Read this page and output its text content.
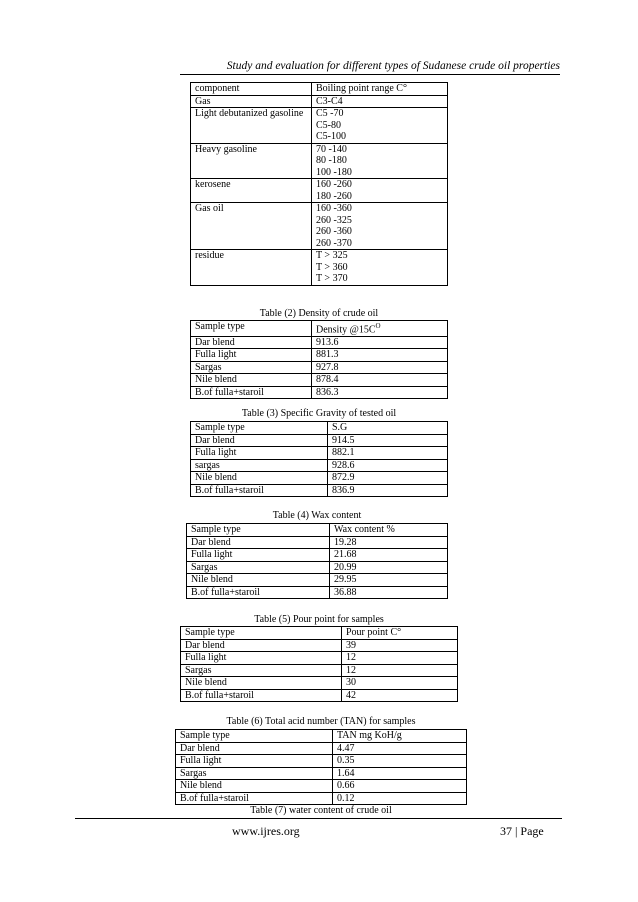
Study and evaluation for different types of Sudanese crude oil properties
component	Boiling point range C°
Gas	C3-C4
Light debutanized gasoline	C5 -70
C5-80
C5-100
Heavy gasoline	70 -140
80 -180
100 -180
kerosene	160 -260
180 -260
Gas oil	160 -360
260 -325
260 -360
260 -370
residue	T > 325
T > 360
T > 370
Table (2) Density of crude oil
Sample type	Density $@15C^O$
Dar blend	913.6
Fulla light	881.3
Sargas	927.8
Nile blend	878.4
B.of fulla+staroil	836.3
Table (3) Specific Gravity of tested oil
Sample type	S.G
Dar blend	914.5
Fulla light	882.1
sargas	928.6
Nile blend	872.9
B.of fulla+staroil	836.9
Table (4) Wax content
Sample type	Wax content %
Dar blend	19.28
Fulla light	21.68
Sargas	20.99
Nile blend	29.95
B.of fulla+staroil	36.88
Table (5) Pour point for samples
Sample type	Pour point C°
Dar blend	39
Fulla light	12
Sargas	12
Nile blend	30
B.of fulla+staroil	42
Table (6) Total acid number (TAN) for samples
Sample type	TAN mg KoH/g
Dar blend	4.47
Fulla light	0.35
Sargas	1.64
Nile blend	0.66
B.of fulla+staroil	0.12
Table (7) water content of crude oil
www.ijres.org	37 | Page
